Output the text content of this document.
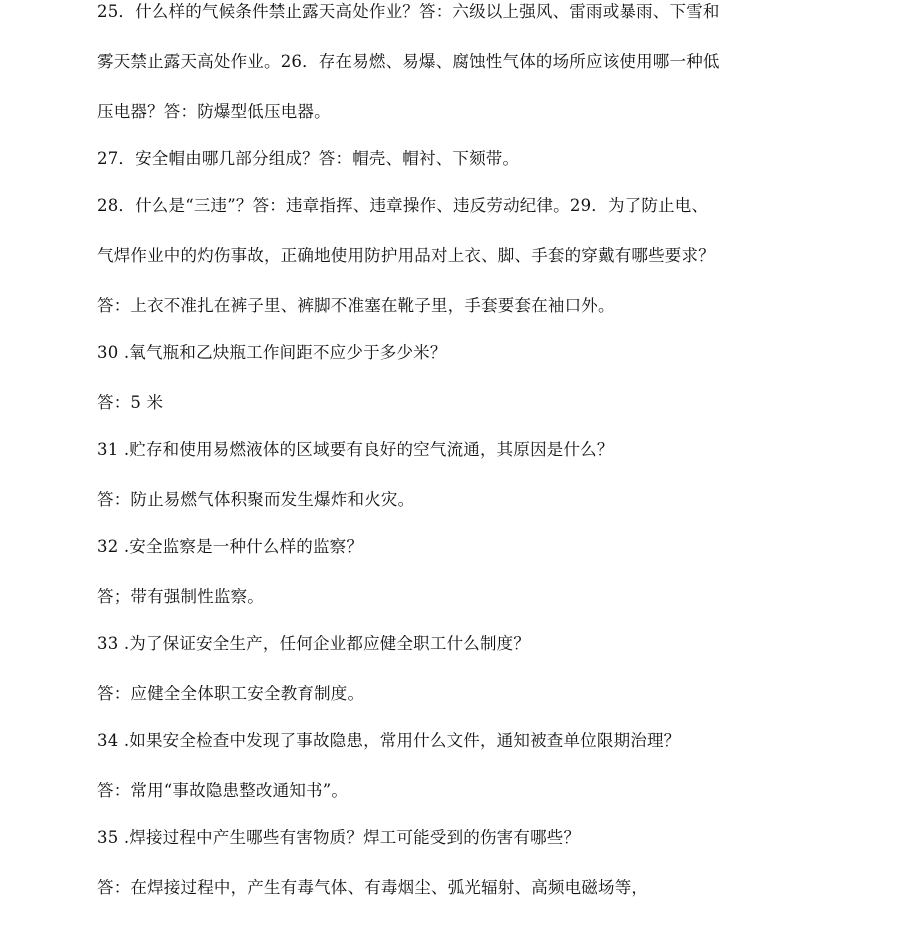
25．什么样的气候条件禁止露天高处作业？答：六级以上强风、雷雨或暴雨、下雪和
雾天禁止露天高处作业。26．存在易燃、易爆、腐蚀性气体的场所应该使用哪一种低
压电器？答：防爆型低压电器。
27．安全帽由哪几部分组成？答：帽壳、帽衬、下颏带。
28．什么是“三违”？答：违章指挥、违章操作、违反劳动纪律。29．为了防止电、
气焊作业中的灼伤事故，正确地使用防护用品对上衣、脚、手套的穿戴有哪些要求？
答：上衣不准扎在裤子里、裤脚不准塞在靴子里，手套要套在袖口外。
30 .氧气瓶和乙炔瓶工作间距不应少于多少米？
答：5 米
31 .贮存和使用易燃液体的区域要有良好的空气流通，其原因是什么？
答：防止易燃气体积聚而发生爆炸和火灾。
32 .安全监察是一种什么样的监察？
答；带有强制性监察。
33 .为了保证安全生产，任何企业都应健全职工什么制度？
答：应健全全体职工安全教育制度。
34 .如果安全检查中发现了事故隐患，常用什么文件，通知被查单位限期治理？
答：常用“事故隐患整改通知书”。
35 .焊接过程中产生哪些有害物质？焊工可能受到的伤害有哪些？
答：在焊接过程中，产生有毒气体、有毒烟尘、弧光辐射、高频电磁场等，
